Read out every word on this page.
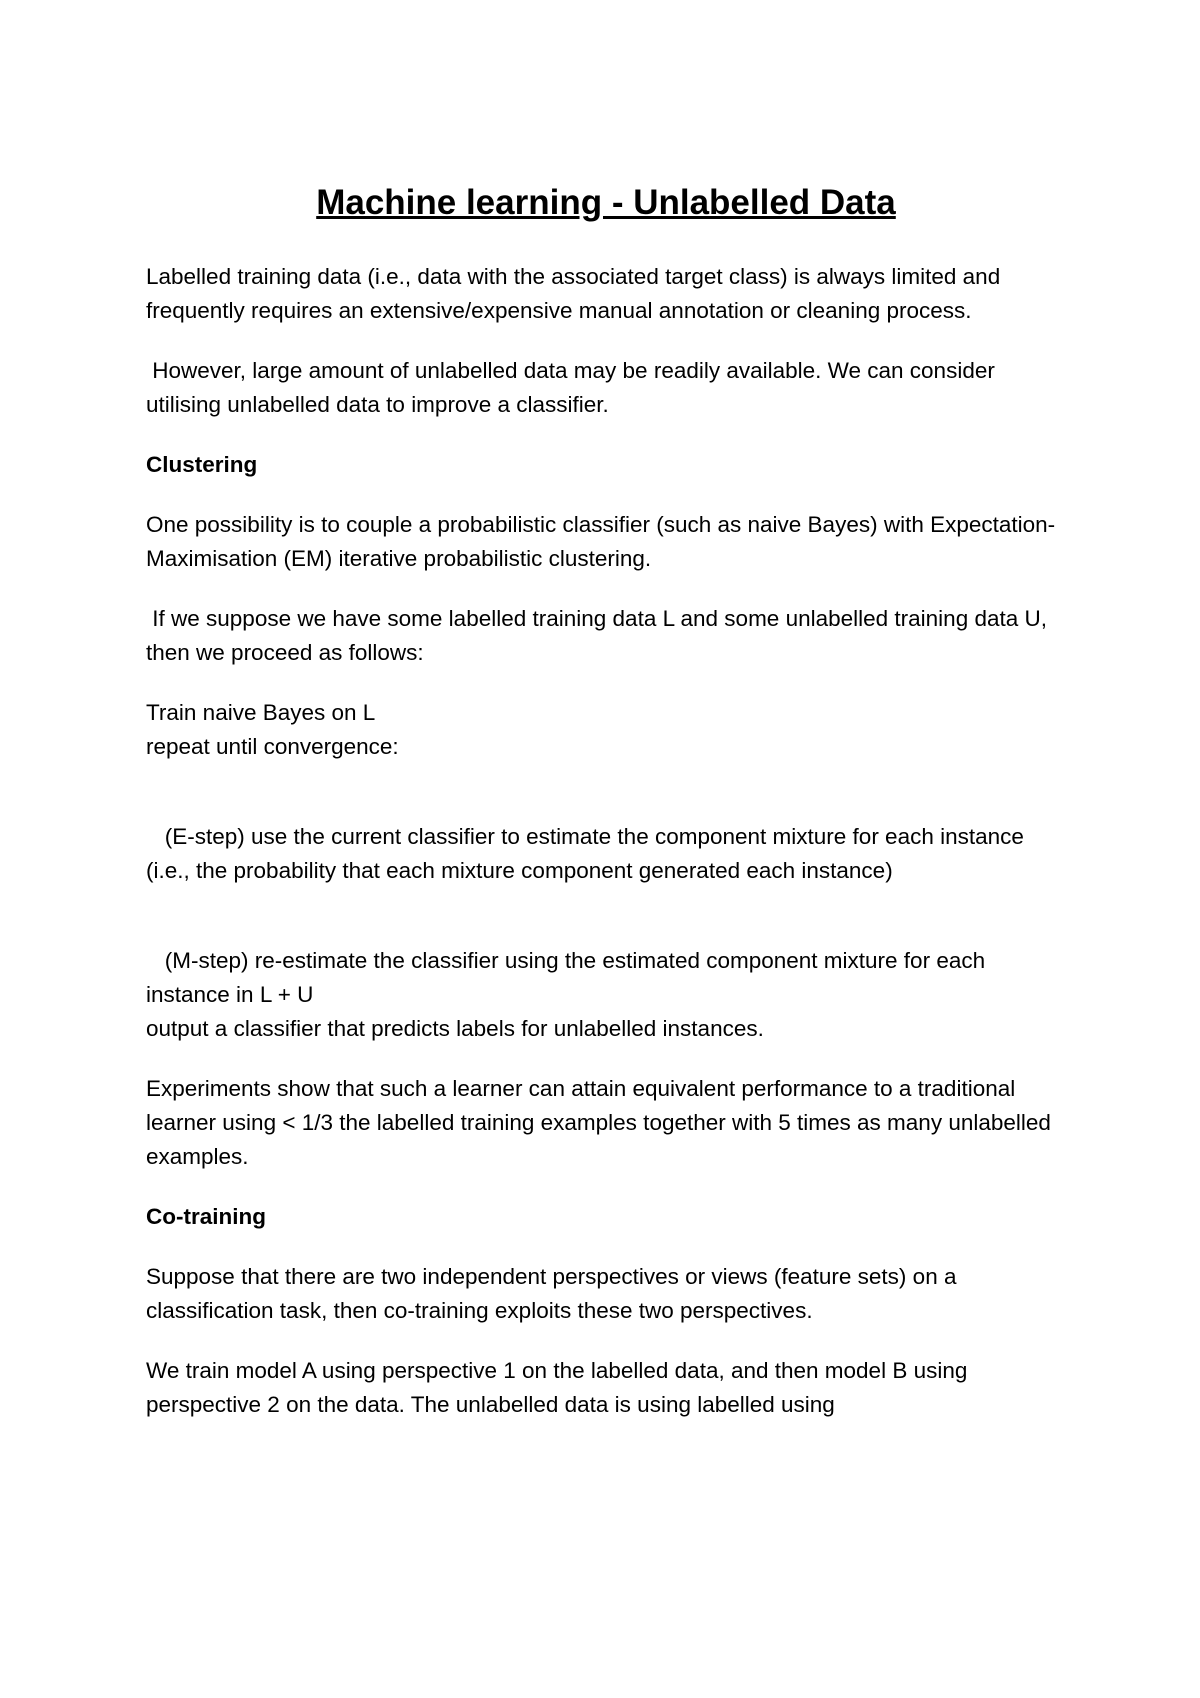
Machine learning - Unlabelled Data

Labelled training data (i.e., data with the associated target class) is always limited and frequently requires an extensive/expensive manual annotation or cleaning process.

However, large amount of unlabelled data may be readily available. We can consider utilising unlabelled data to improve a classifier.

Clustering

One possibility is to couple a probabilistic classifier (such as naive Bayes) with Expectation-Maximisation (EM) iterative probabilistic clustering.

If we suppose we have some labelled training data L and some unlabelled training data U, then we proceed as follows:

Train naive Bayes on L
repeat until convergence:

(E-step) use the current classifier to estimate the component mixture for each instance (i.e., the probability that each mixture component generated each instance)

(M-step) re-estimate the classifier using the estimated component mixture for each instance in L + U
output a classifier that predicts labels for unlabelled instances.

Experiments show that such a learner can attain equivalent performance to a traditional learner using < 1/3 the labelled training examples together with 5 times as many unlabelled examples.

Co-training

Suppose that there are two independent perspectives or views (feature sets) on a classification task, then co-training exploits these two perspectives.

We train model A using perspective 1 on the labelled data, and then model B using perspective 2 on the data. The unlabelled data is using labelled using
